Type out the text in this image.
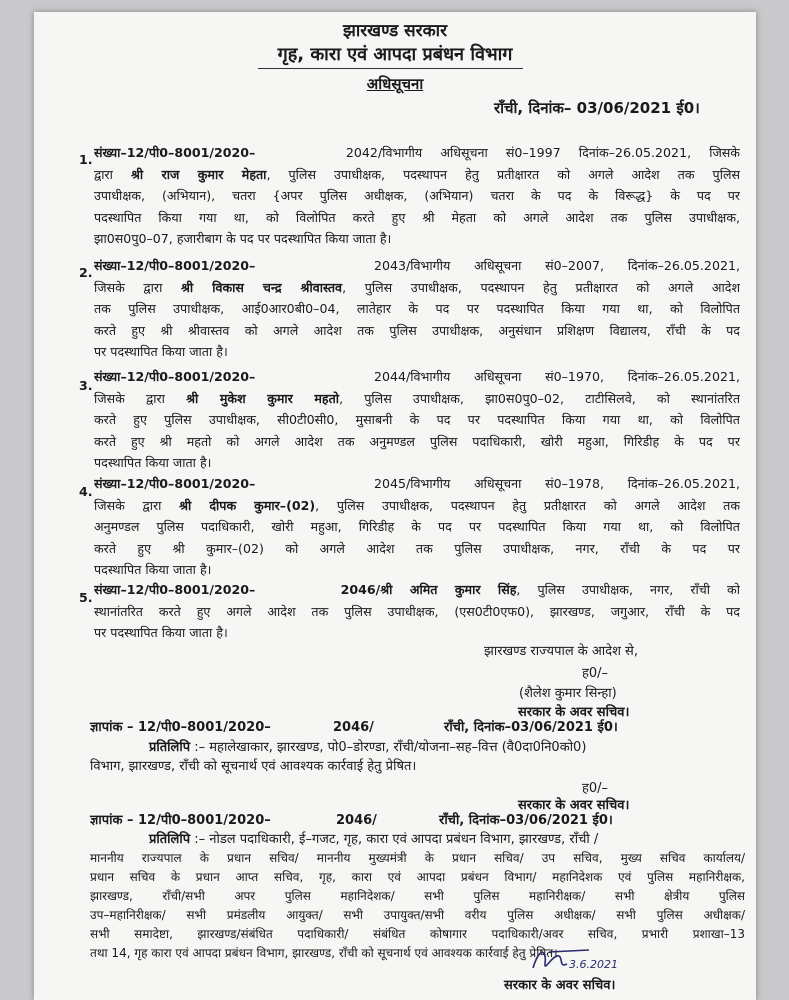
झारखण्ड सरकार
गृह, कारा एवं आपदा प्रबंधन विभाग
अधिसूचना
राँची, दिनांक– 03/06/2021 ई0।
1. संख्या–12/पी0–8001/2020–	2042/विभागीय अधिसूचना सं0–1997 दिनांक–26.05.2021, जिसके
द्वारा श्री राज कुमार मेहता, पुलिस उपाधीक्षक, पदस्थापन हेतु प्रतीक्षारत को अगले आदेश तक पुलिस
उपाधीक्षक, (अभियान), चतरा {अपर पुलिस अधीक्षक, (अभियान) चतरा के पद के विरूद्ध} के पद पर
पदस्थापित किया गया था, को विलोपित करते हुए श्री मेहता को अगले आदेश तक पुलिस उपाधीक्षक,
झा0स0पु0–07, हजारीबाग के पद पर पदस्थापित किया जाता है।
2. संख्या–12/पी0–8001/2020–	2043/विभागीय अधिसूचना सं0–2007, दिनांक–26.05.2021,
जिसके द्वारा श्री विकास चन्द्र श्रीवास्तव, पुलिस उपाधीक्षक, पदस्थापन हेतु प्रतीक्षारत को अगले आदेश
तक पुलिस उपाधीक्षक, आई0आर0बी0–04, लातेहार के पद पर पदस्थापित किया गया था, को विलोपित
करते हुए श्री श्रीवास्तव को अगले आदेश तक पुलिस उपाधीक्षक, अनुसंधान प्रशिक्षण विद्यालय, राँची के पद
पर पदस्थापित किया जाता है।
3.
संख्या–12/पी0–8001/2020–	2044/विभागीय अधिसूचना सं0–1970, दिनांक–26.05.2021,
जिसके द्वारा श्री मुकेश कुमार महतो, पुलिस उपाधीक्षक, झा0स0पु0–02, टाटीसिलवे, को स्थानांतरित
करते हुए पुलिस उपाधीक्षक, सी0टी0सी0, मुसाबनी के पद पर पदस्थापित किया गया था, को विलोपित
करते हुए श्री महतो को अगले आदेश तक अनुमण्डल पुलिस पदाधिकारी, खोरी महुआ, गिरिडीह के पद पर
पदस्थापित किया जाता है।
4.
संख्या–12/पी0–8001/2020–	2045/विभागीय अधिसूचना सं0–1978, दिनांक–26.05.2021,
जिसके द्वारा श्री दीपक कुमार–(02), पुलिस उपाधीक्षक, पदस्थापन हेतु प्रतीक्षारत को अगले आदेश तक
अनुमण्डल पुलिस पदाधिकारी, खोरी महुआ, गिरिडीह के पद पर पदस्थापित किया गया था, को विलोपित
करते हुए श्री कुमार–(02) को अगले आदेश तक पुलिस उपाधीक्षक, नगर, राँची के पद पर
पदस्थापित किया जाता है।
5.
संख्या–12/पी0–8001/2020–	2046/श्री अमित कुमार सिंह, पुलिस उपाधीक्षक, नगर, राँची को
स्थानांतरित करते हुए अगले आदेश तक पुलिस उपाधीक्षक, (एस0टी0एफ0), झारखण्ड, जगुआर, राँची के पद
पर पदस्थापित किया जाता है।
झारखण्ड राज्यपाल के आदेश से,
ह0/–
(शैलेश कुमार सिन्हा)
सरकार के अवर सचिव।
ज्ञापांक – 12/पी0–8001/2020–	2046/	राँची, दिनांक–03/06/2021 ई0।
प्रतिलिपि :– महालेखाकार, झारखण्ड, पो0–डोरण्डा, राँची/योजना–सह–वित्त (वै0दा0नि0को0)
विभाग, झारखण्ड, राँची को सूचनार्थ एवं आवश्यक कार्रवाई हेतु प्रेषित।
ह0/–
सरकार के अवर सचिव।
ज्ञापांक – 12/पी0–8001/2020–	2046/	राँची, दिनांक–03/06/2021 ई0।
प्रतिलिपि :– नोडल पदाधिकारी, ई–गजट, गृह, कारा एवं आपदा प्रबंधन विभाग, झारखण्ड, राँची /
माननीय राज्यपाल के प्रधान सचिव/ माननीय मुख्यमंत्री के प्रधान सचिव/ उप सचिव, मुख्य सचिव कार्यालय/
प्रधान सचिव के प्रधान आप्त सचिव, गृह, कारा एवं आपदा प्रबंधन विभाग/ महानिदेशक एवं पुलिस महानिरीक्षक,
झारखण्ड, राँची/सभी अपर पुलिस महानिदेशक/ सभी पुलिस महानिरीक्षक/ सभी क्षेत्रीय पुलिस
उप–महानिरीक्षक/ सभी प्रमंडलीय आयुक्त/ सभी उपायुक्त/सभी वरीय पुलिस अधीक्षक/ सभी पुलिस अधीक्षक/
सभी समादेष्टा, झारखण्ड/संबंधित पदाधिकारी/ संबंधित कोषागार पदाधिकारी/अवर सचिव, प्रभारी प्रशाखा–13
तथा 14, गृह कारा एवं आपदा प्रबंधन विभाग, झारखण्ड, राँची को सूचनार्थ एवं आवश्यक कार्रवाई हेतु प्रेषित।
3.6.2021
सरकार के अवर सचिव।
